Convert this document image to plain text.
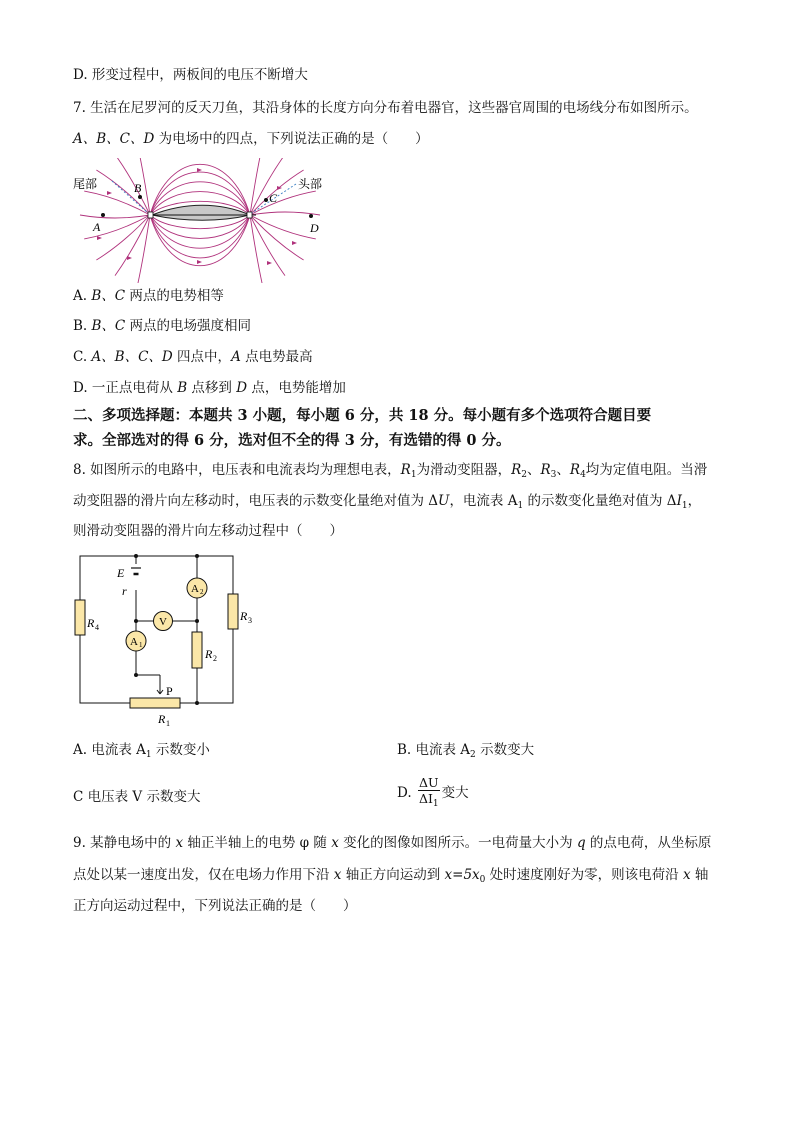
D. 形变过程中，两板间的电压不断增大
7. 生活在尼罗河的反天刀鱼，其沿身体的长度方向分布着电器官，这些器官周围的电场线分布如图所示。
A、B、C、D 为电场中的四点，下列说法正确的是（　　）
尾部	头部
A
B
C
D
A. B、C 两点的电势相等
B. B、C 两点的电场强度相同
C. A、B、C、D 四点中，A 点电势最高
D. 一正点电荷从 B 点移到 D 点，电势能增加
二、多项选择题：本题共 3 小题，每小题 6 分，共 18 分。每小题有多个选项符合题目要
求。全部选对的得 6 分，选对但不全的得 3 分，有选错的得 0 分。
8. 如图所示的电路中，电压表和电流表均为理想电表，$R_1$为滑动变阻器，$R_2$、$R_3$、$R_4$均为定值电阻。当滑
动变阻器的滑片向左移动时，电压表的示数变化量绝对值为 ΔU，电流表 $A_1$ 的示数变化量绝对值为 $\Delta I_1$，
则滑动变阻器的滑片向左移动过程中（　　）
E
r	A 2
V
A 1
R 4
R 3
R 2
P
R 1
A. 电流表 $A_1$ 示数变小	B. 电流表 $A_2$ 示数变大
C 电压表 V 示数变大	D. $\frac{\Delta U}{\Delta I_1}$ 变大
9. 某静电场中的 x 轴正半轴上的电势 φ 随 x 变化的图像如图所示。一电荷量大小为 q 的点电荷，从坐标原
点处以某一速度出发，仅在电场力作用下沿 x 轴正方向运动到 $x=5x_0$ 处时速度刚好为零，则该电荷沿 x 轴
正方向运动过程中，下列说法正确的是（　　）
